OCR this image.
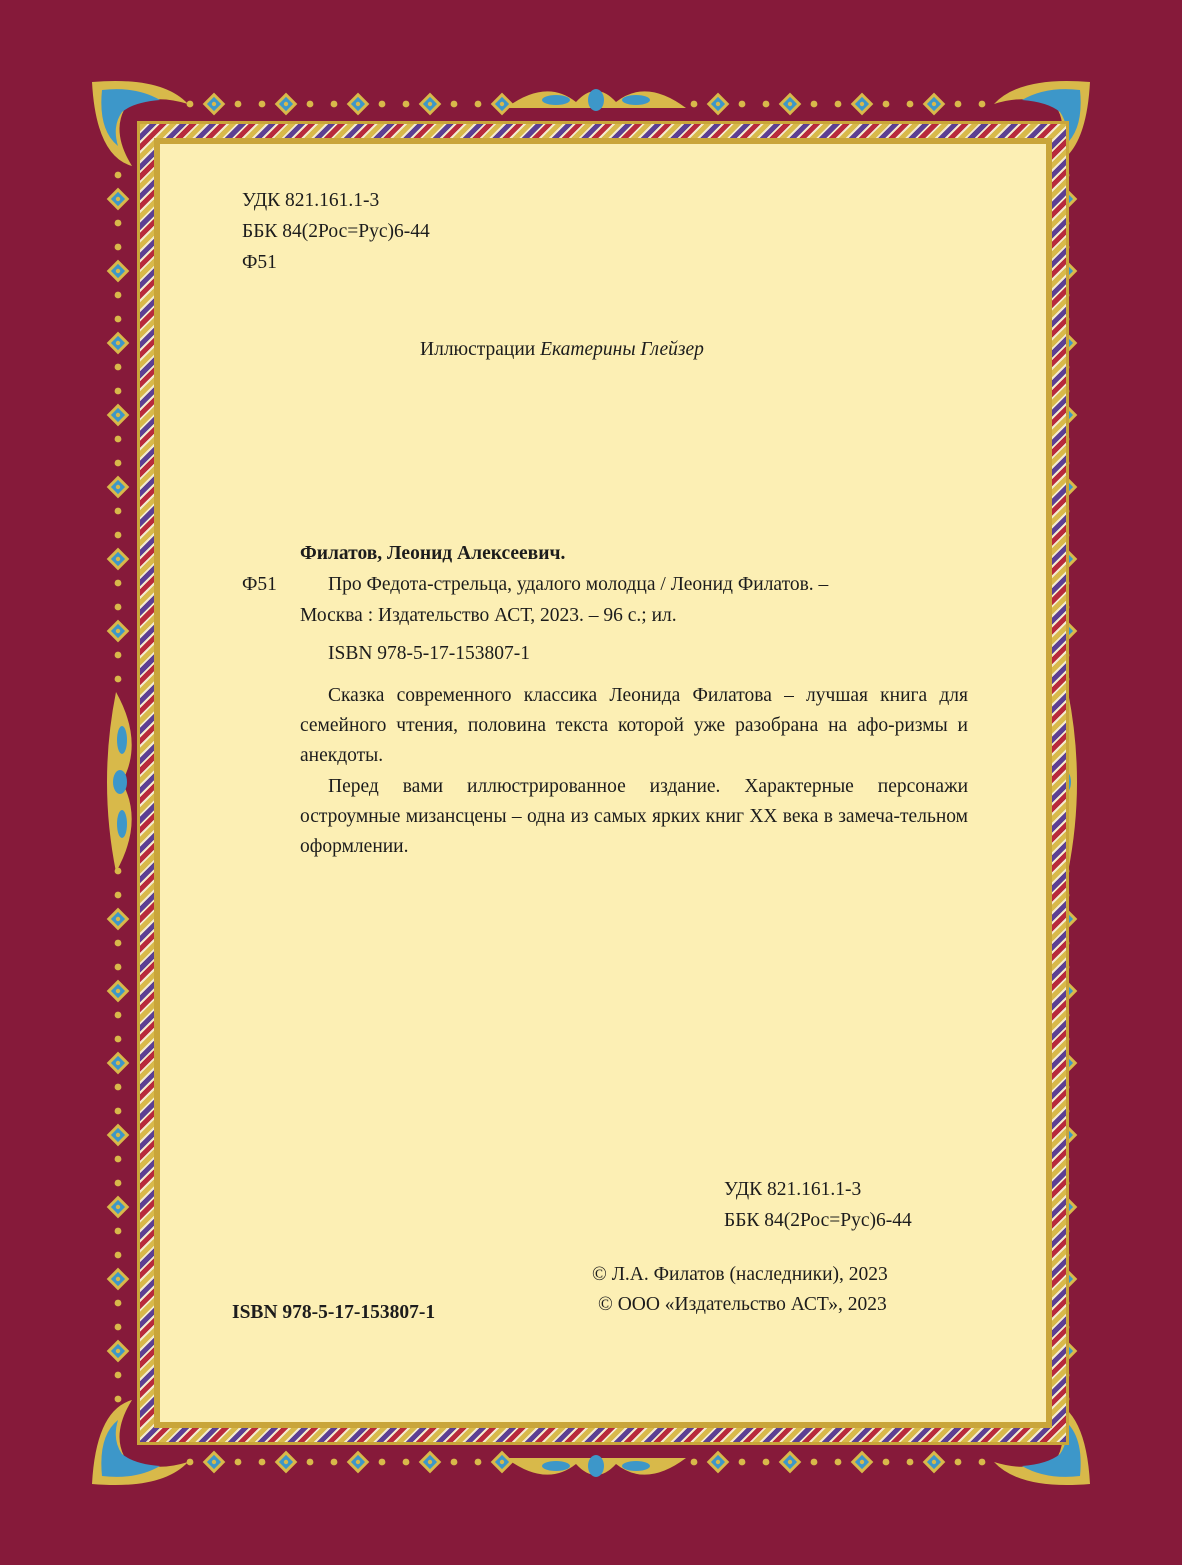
УДК 821.161.1-3

ББК 84(2Рос=Рус)6-44

Ф51

Иллюстрации Екатерины Глейзер

Филатов, Леонид Алексеевич.

Ф51	Про Федота-стрельца, удалого молодца / Леонид Филатов. –

Москва : Издательство АСТ, 2023. – 96 с.; ил.

ISBN 978-5-17-153807-1

Сказка современного классика Леонида Филатова – лучшая книга для семейного чтения, половина текста которой уже разобрана на афо-ризмы и анекдоты.

Перед вами иллюстрированное издание. Характерные персонажи остроумные мизансцены – одна из самых ярких книг XX века в замеча-тельном оформлении.

УДК 821.161.1-3

ББК 84(2Рос=Рус)6-44

© Л.А. Филатов (наследники), 2023

© ООО «Издательство АСТ», 2023

ISBN 978-5-17-153807-1
